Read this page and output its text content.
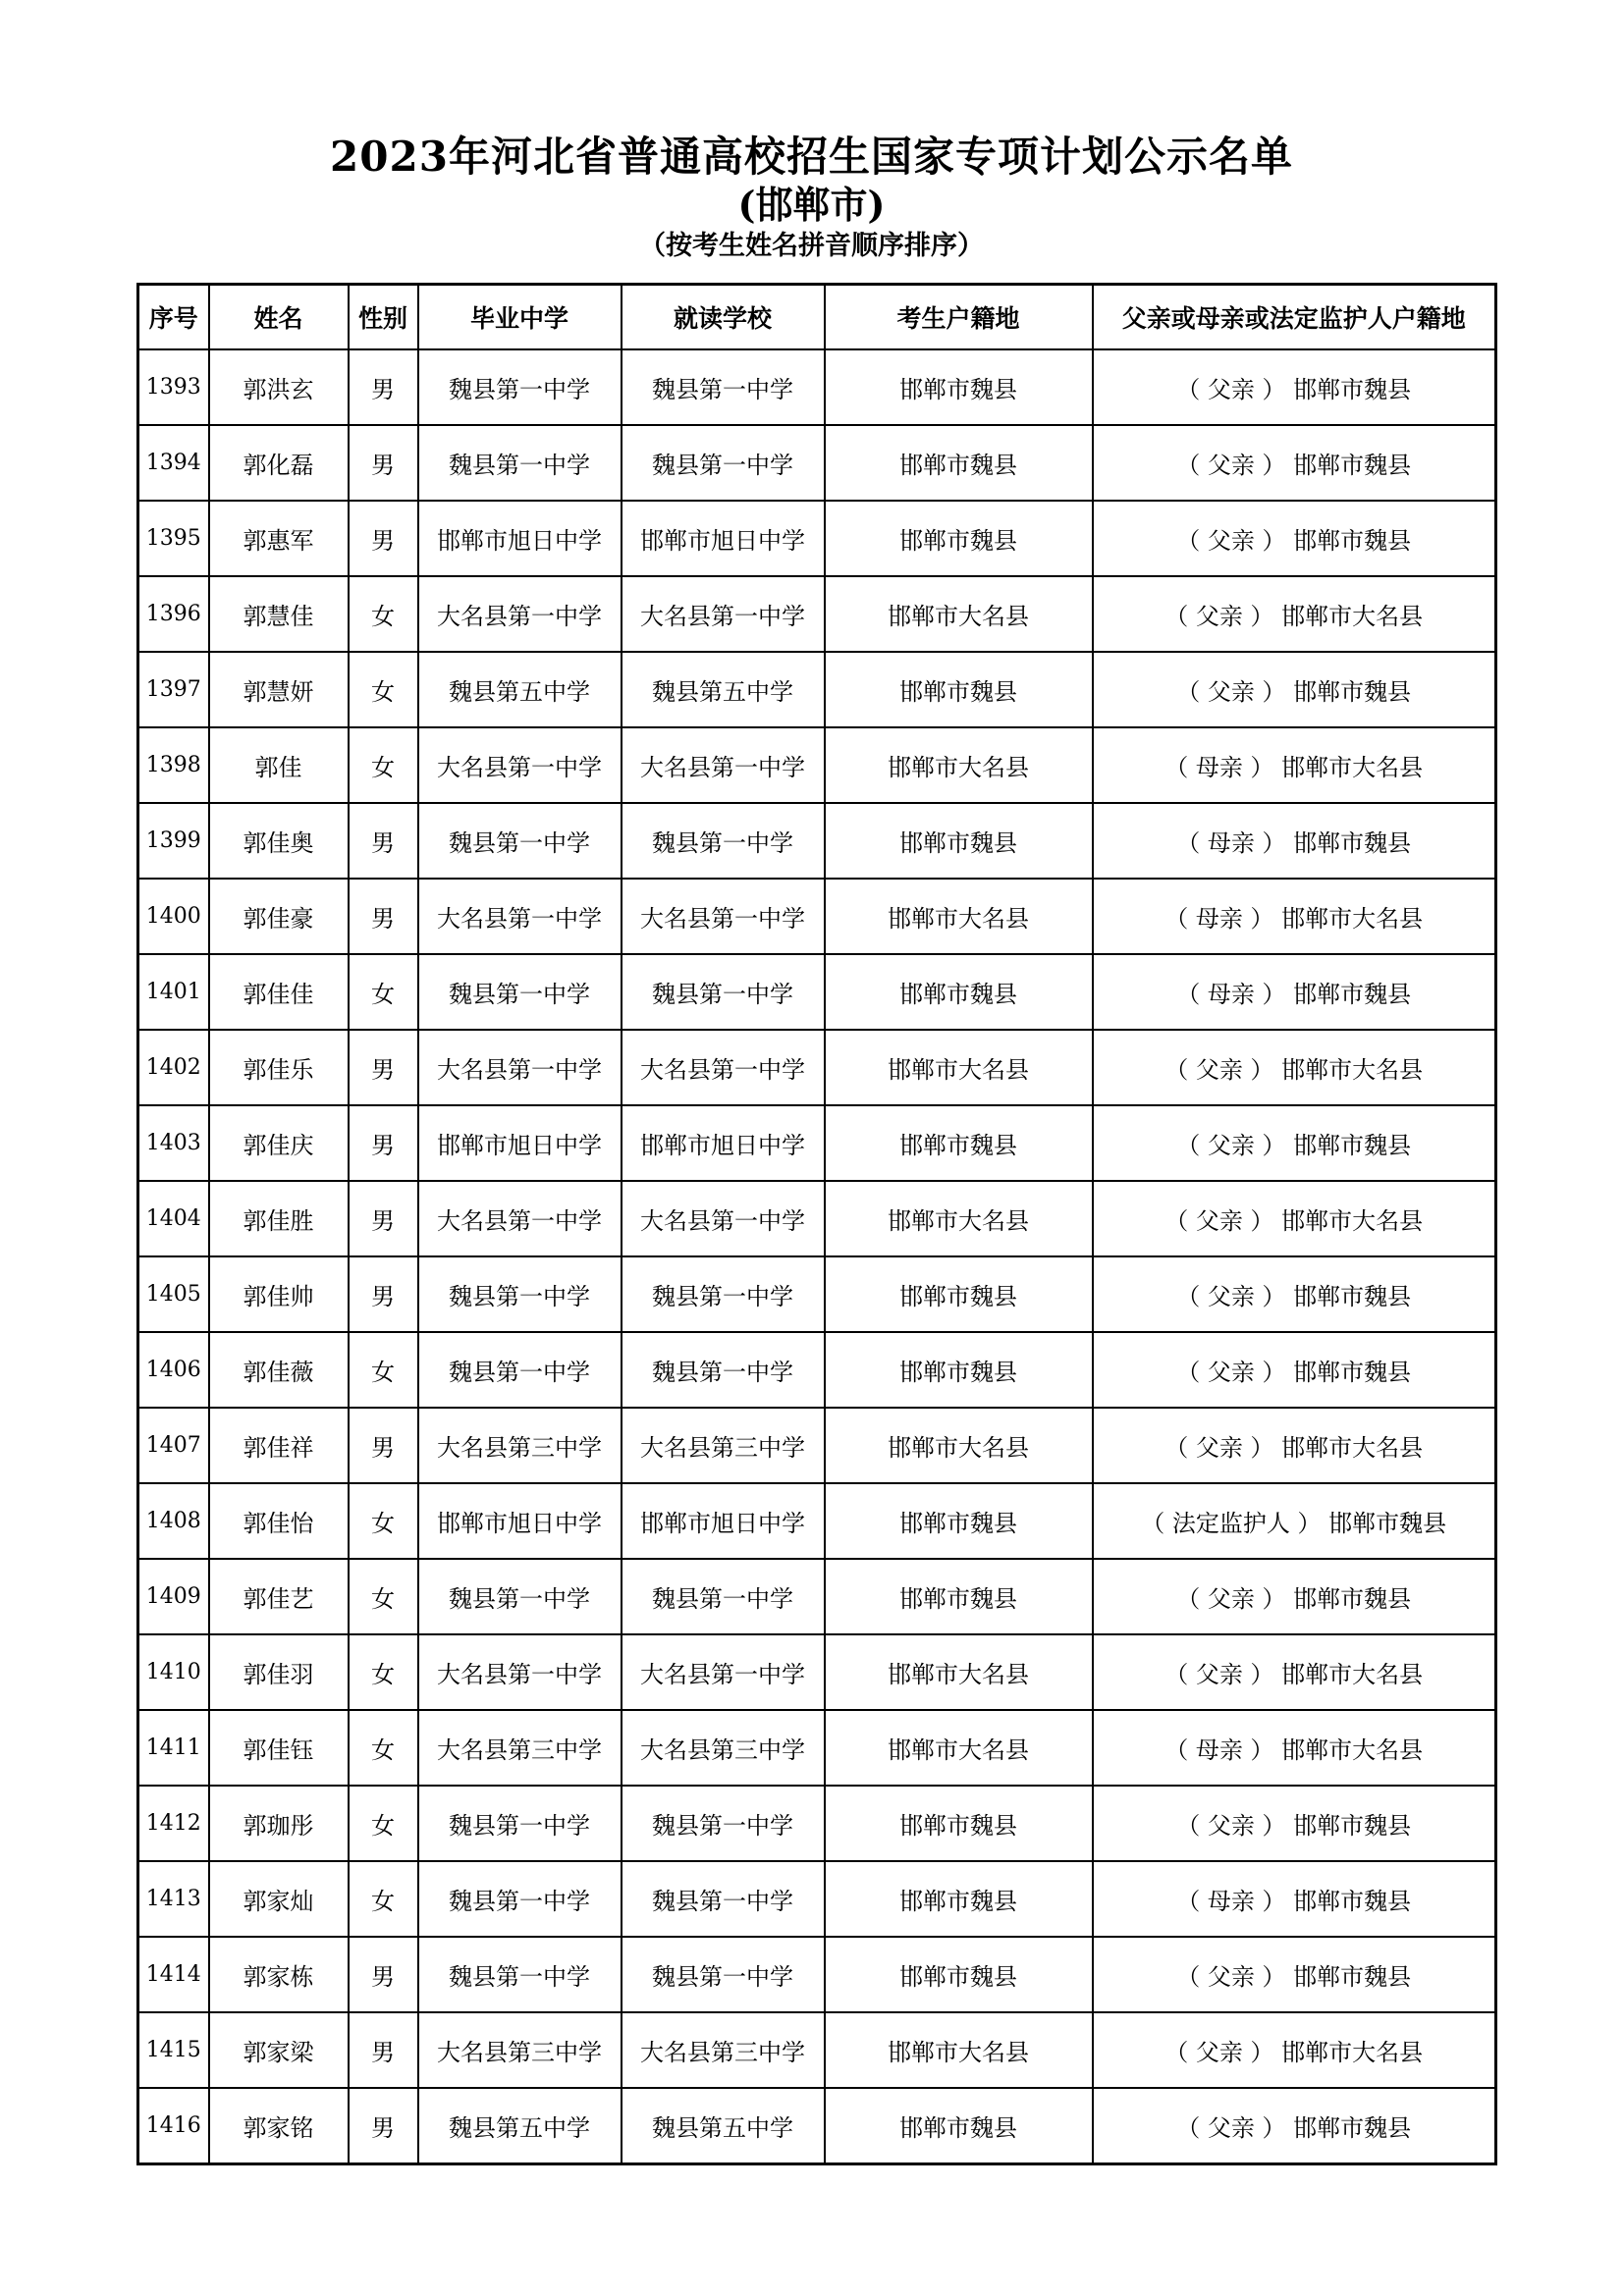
2023年河北省普通高校招生国家专项计划公示名单
(邯郸市)
（按考生姓名拼音顺序排序）
序号	姓名	性别	毕业中学	就读学校	考生户籍地	父亲或母亲或法定监护人户籍地
1393	郭洪玄	男	魏县第一中学	魏县第一中学	邯郸市魏县	（ 父亲 ） 邯郸市魏县
1394	郭化磊	男	魏县第一中学	魏县第一中学	邯郸市魏县	（ 父亲 ） 邯郸市魏县
1395	郭惠军	男	邯郸市旭日中学	邯郸市旭日中学	邯郸市魏县	（ 父亲 ） 邯郸市魏县
1396	郭慧佳	女	大名县第一中学	大名县第一中学	邯郸市大名县	（ 父亲 ） 邯郸市大名县
1397	郭慧妍	女	魏县第五中学	魏县第五中学	邯郸市魏县	（ 父亲 ） 邯郸市魏县
1398	郭佳	女	大名县第一中学	大名县第一中学	邯郸市大名县	（ 母亲 ） 邯郸市大名县
1399	郭佳奥	男	魏县第一中学	魏县第一中学	邯郸市魏县	（ 母亲 ） 邯郸市魏县
1400	郭佳豪	男	大名县第一中学	大名县第一中学	邯郸市大名县	（ 母亲 ） 邯郸市大名县
1401	郭佳佳	女	魏县第一中学	魏县第一中学	邯郸市魏县	（ 母亲 ） 邯郸市魏县
1402	郭佳乐	男	大名县第一中学	大名县第一中学	邯郸市大名县	（ 父亲 ） 邯郸市大名县
1403	郭佳庆	男	邯郸市旭日中学	邯郸市旭日中学	邯郸市魏县	（ 父亲 ） 邯郸市魏县
1404	郭佳胜	男	大名县第一中学	大名县第一中学	邯郸市大名县	（ 父亲 ） 邯郸市大名县
1405	郭佳帅	男	魏县第一中学	魏县第一中学	邯郸市魏县	（ 父亲 ） 邯郸市魏县
1406	郭佳薇	女	魏县第一中学	魏县第一中学	邯郸市魏县	（ 父亲 ） 邯郸市魏县
1407	郭佳祥	男	大名县第三中学	大名县第三中学	邯郸市大名县	（ 父亲 ） 邯郸市大名县
1408	郭佳怡	女	邯郸市旭日中学	邯郸市旭日中学	邯郸市魏县	（ 法定监护人 ） 邯郸市魏县
1409	郭佳艺	女	魏县第一中学	魏县第一中学	邯郸市魏县	（ 父亲 ） 邯郸市魏县
1410	郭佳羽	女	大名县第一中学	大名县第一中学	邯郸市大名县	（ 父亲 ） 邯郸市大名县
1411	郭佳钰	女	大名县第三中学	大名县第三中学	邯郸市大名县	（ 母亲 ） 邯郸市大名县
1412	郭珈彤	女	魏县第一中学	魏县第一中学	邯郸市魏县	（ 父亲 ） 邯郸市魏县
1413	郭家灿	女	魏县第一中学	魏县第一中学	邯郸市魏县	（ 母亲 ） 邯郸市魏县
1414	郭家栋	男	魏县第一中学	魏县第一中学	邯郸市魏县	（ 父亲 ） 邯郸市魏县
1415	郭家梁	男	大名县第三中学	大名县第三中学	邯郸市大名县	（ 父亲 ） 邯郸市大名县
1416	郭家铭	男	魏县第五中学	魏县第五中学	邯郸市魏县	（ 父亲 ） 邯郸市魏县
